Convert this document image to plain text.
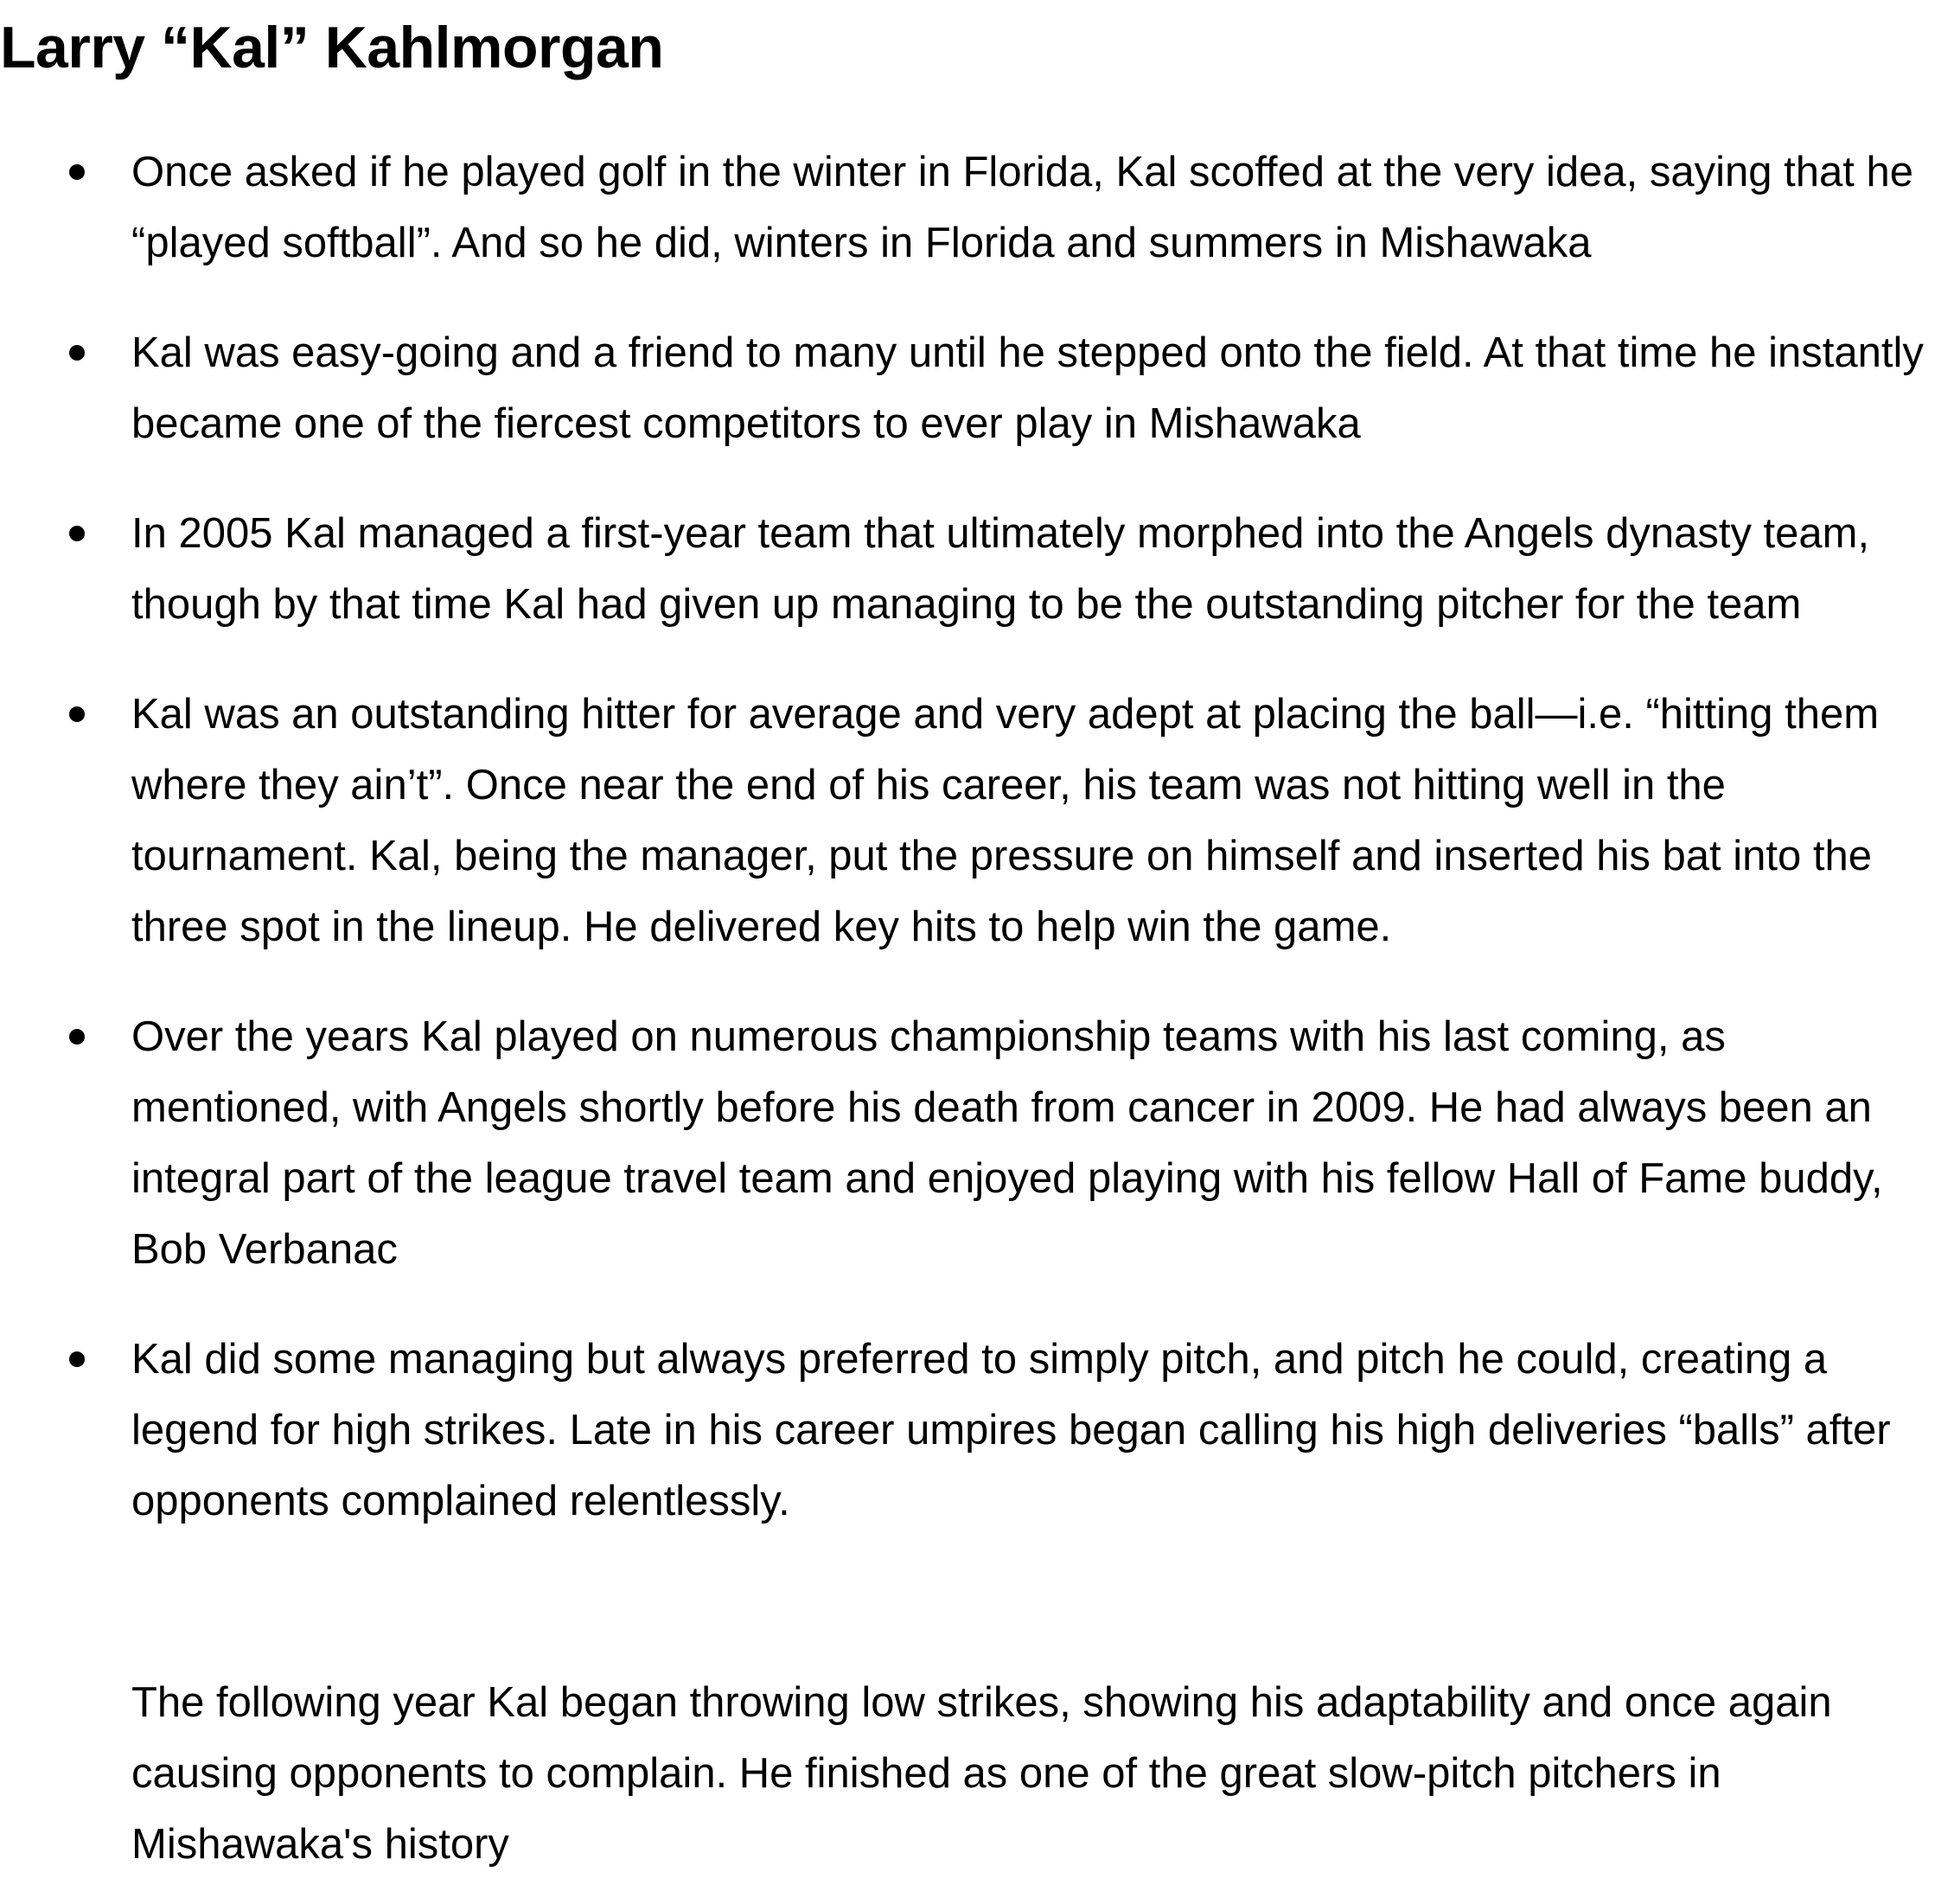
Larry “Kal” Kahlmorgan
Once asked if he played golf in the winter in Florida, Kal scoffed at the very idea, saying that he “played softball”. And so he did, winters in Florida and summers in Mishawaka
Kal was easy-going and a friend to many until he stepped onto the field. At that time he instantly became one of the fiercest competitors to ever play in Mishawaka
In 2005 Kal managed a first-year team that ultimately morphed into the Angels dynasty team, though by that time Kal had given up managing to be the outstanding pitcher for the team
Kal was an outstanding hitter for average and very adept at placing the ball—i.e. “hitting them where they ain’t”. Once near the end of his career, his team was not hitting well in the tournament. Kal, being the manager, put the pressure on himself and inserted his bat into the three spot in the lineup. He delivered key hits to help win the game.
Over the years Kal played on numerous championship teams with his last coming, as mentioned, with Angels shortly before his death from cancer in 2009. He had always been an integral part of the league travel team and enjoyed playing with his fellow Hall of Fame buddy, Bob Verbanac
Kal did some managing but always preferred to simply pitch, and pitch he could, creating a legend for high strikes. Late in his career umpires began calling his high deliveries “balls” after opponents complained relentlessly.

The following year Kal began throwing low strikes, showing his adaptability and once again causing opponents to complain. He finished as one of the great slow-pitch pitchers in Mishawaka's history
